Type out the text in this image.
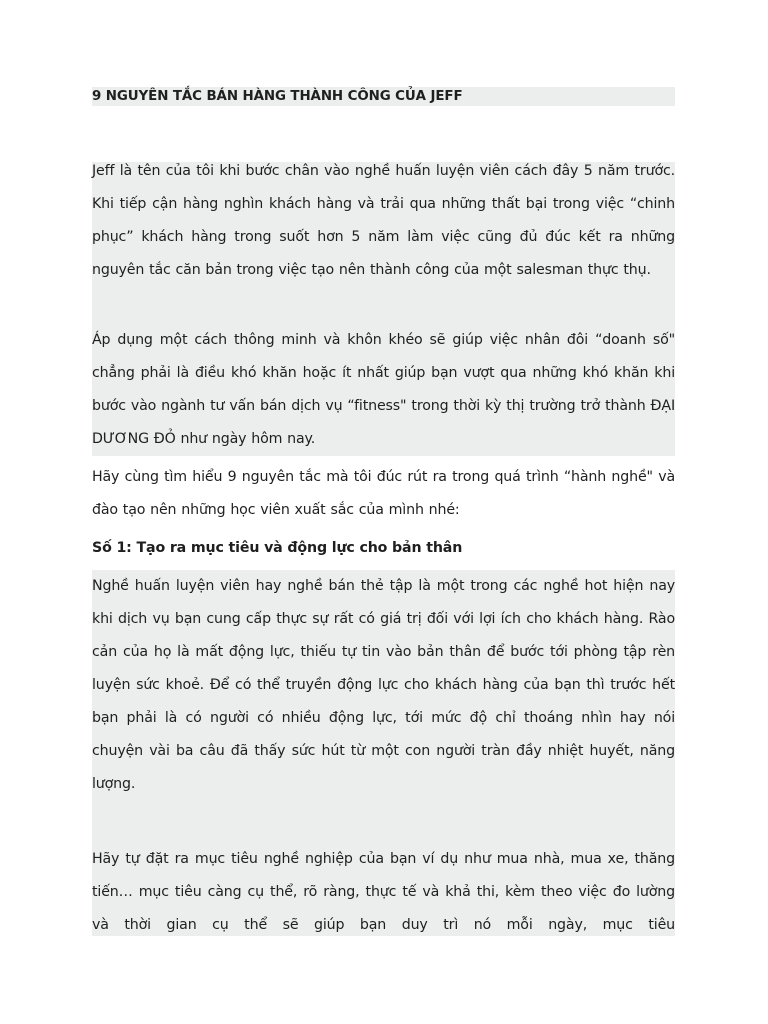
9 NGUYÊN TẮC BÁN HÀNG THÀNH CÔNG CỦA JEFF
Jeff là tên của tôi khi bước chân vào nghề huấn luyện viên cách đây 5 năm trước. Khi tiếp cận hàng nghìn khách hàng và trải qua những thất bại trong việc “chinh phục” khách hàng trong suốt hơn 5 năm làm việc cũng đủ đúc kết ra những nguyên tắc căn bản trong việc tạo nên thành công của một salesman thực thụ.
Áp dụng một cách thông minh và khôn khéo sẽ giúp việc nhân đôi “doanh số" chẳng phải là điều khó khăn hoặc ít nhất giúp bạn vượt qua những khó khăn khi bước vào ngành tư vấn bán dịch vụ “fitness" trong thời kỳ thị trường trở thành ĐẠI DƯƠNG ĐỎ như ngày hôm nay.
Hãy cùng tìm hiểu 9 nguyên tắc mà tôi đúc rút ra trong quá trình “hành nghề" và đào tạo nên những học viên xuất sắc của mình nhé:
Số 1: Tạo ra mục tiêu và động lực cho bản thân
Nghề huấn luyện viên hay nghề bán thẻ tập là một trong các nghề hot hiện nay khi dịch vụ bạn cung cấp thực sự rất có giá trị đối với lợi ích cho khách hàng. Rào cản của họ là mất động lực, thiếu tự tin vào bản thân để bước tới phòng tập rèn luyện sức khoẻ. Để có thể truyền động lực cho khách hàng của bạn thì trước hết bạn phải là có người có nhiều động lực, tới mức độ chỉ thoáng nhìn hay nói chuyện vài ba câu đã thấy sức hút từ một con người tràn đầy nhiệt huyết, năng lượng.
Hãy tự đặt ra mục tiêu nghề nghiệp của bạn ví dụ như mua nhà, mua xe, thăng tiến… mục tiêu càng cụ thể, rõ ràng, thực tế và khả thi, kèm theo việc đo lường và thời gian cụ thể sẽ giúp bạn duy trì nó mỗi ngày, mục tiêu
